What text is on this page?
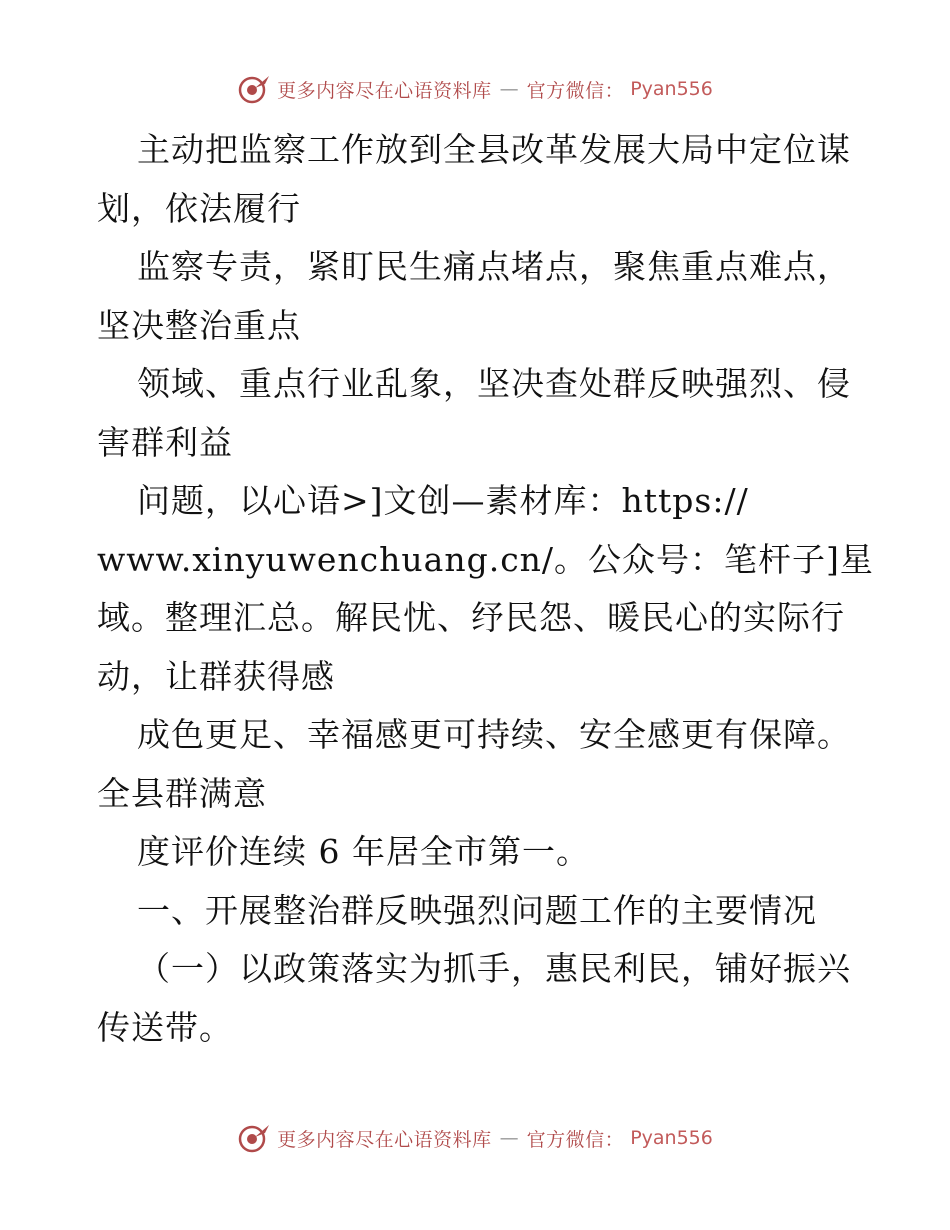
更多内容尽在心语资料库 — 官方微信： Pyan556
主动把监察工作放到全县改革发展大局中定位谋
划，依法履行
监察专责，紧盯民生痛点堵点，聚焦重点难点，
坚决整治重点
领域、重点行业乱象，坚决查处群反映强烈、侵
害群利益
问题，以心语>]文创—素材库：https://
www.xinyuwenchuang.cn/。公众号：笔杆子]星
域。整理汇总。解民忧、纾民怨、暖民心的实际行
动，让群获得感
成色更足、幸福感更可持续、安全感更有保障。
全县群满意
度评价连续 6 年居全市第一。
一、开展整治群反映强烈问题工作的主要情况
（一）以政策落实为抓手，惠民利民，铺好振兴
传送带。
更多内容尽在心语资料库 — 官方微信： Pyan556
